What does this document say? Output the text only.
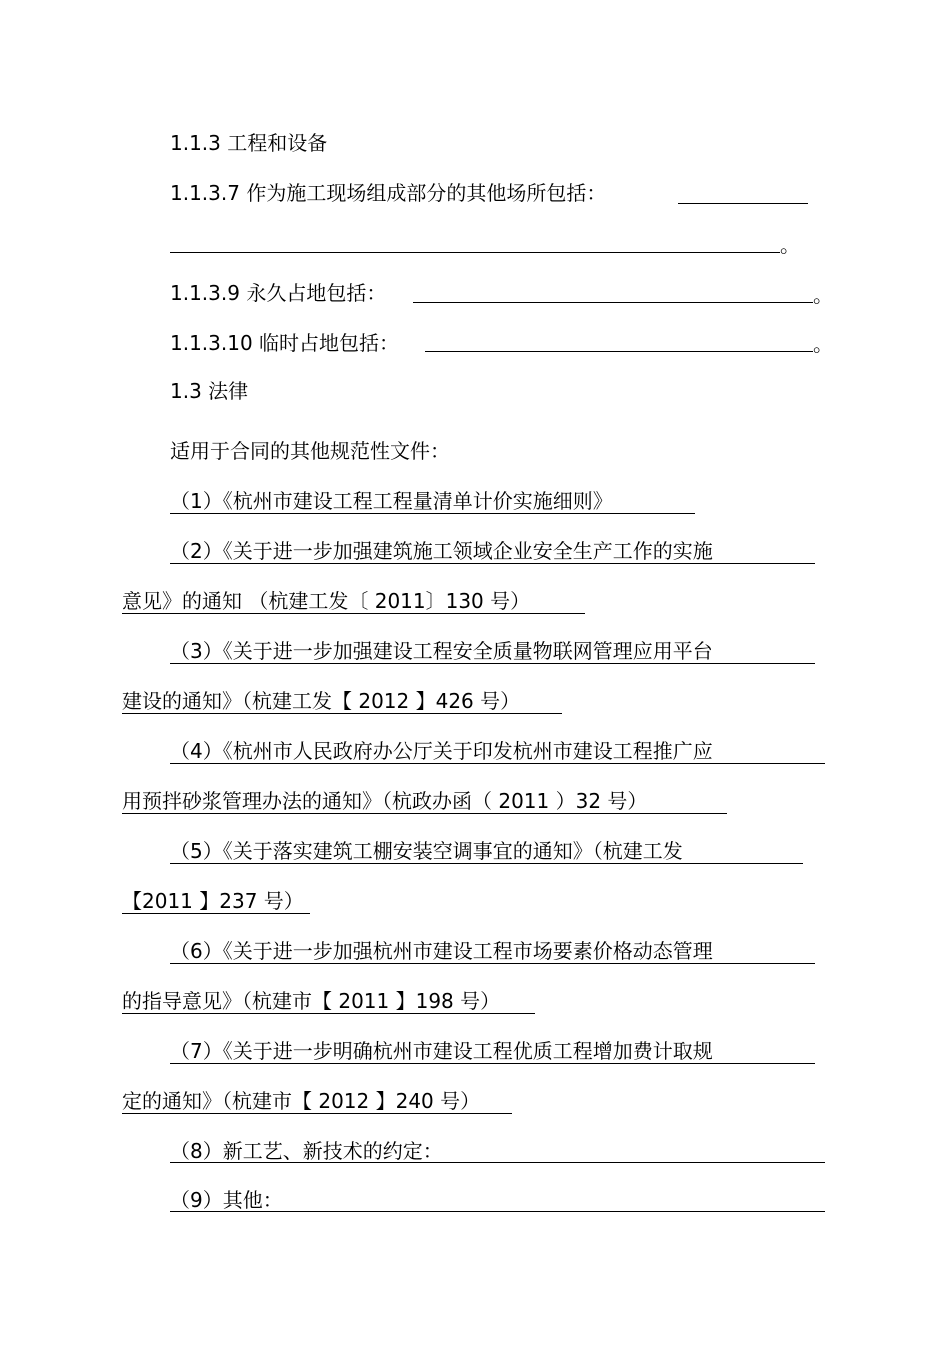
1.1.3 工程和设备
1.1.3.7 作为施工现场组成部分的其他场所包括：
。
1.1.3.9 永久占地包括：	。
1.1.3.10 临时占地包括：	。
1.3 法律
适用于合同的其他规范性文件：
（1）《杭州市建设工程工程量清单计价实施细则》
（2）《关于进一步加强建筑施工领域企业安全生产工作的实施
意见》的通知 （杭建工发〔 2011〕130 号）
（3）《关于进一步加强建设工程安全质量物联网管理应用平台
建设的通知》（杭建工发【 2012 】426 号）
（4）《杭州市人民政府办公厅关于印发杭州市建设工程推广应
用预拌砂浆管理办法的通知》（杭政办函（ 2011 ）32 号）
（5）《关于落实建筑工棚安装空调事宜的通知》（杭建工发
【2011 】237 号）
（6）《关于进一步加强杭州市建设工程市场要素价格动态管理
的指导意见》（杭建市【 2011 】198 号）
（7）《关于进一步明确杭州市建设工程优质工程增加费计取规
定的通知》（杭建市【 2012 】240 号）
（8）新工艺、新技术的约定：
（9）其他：
